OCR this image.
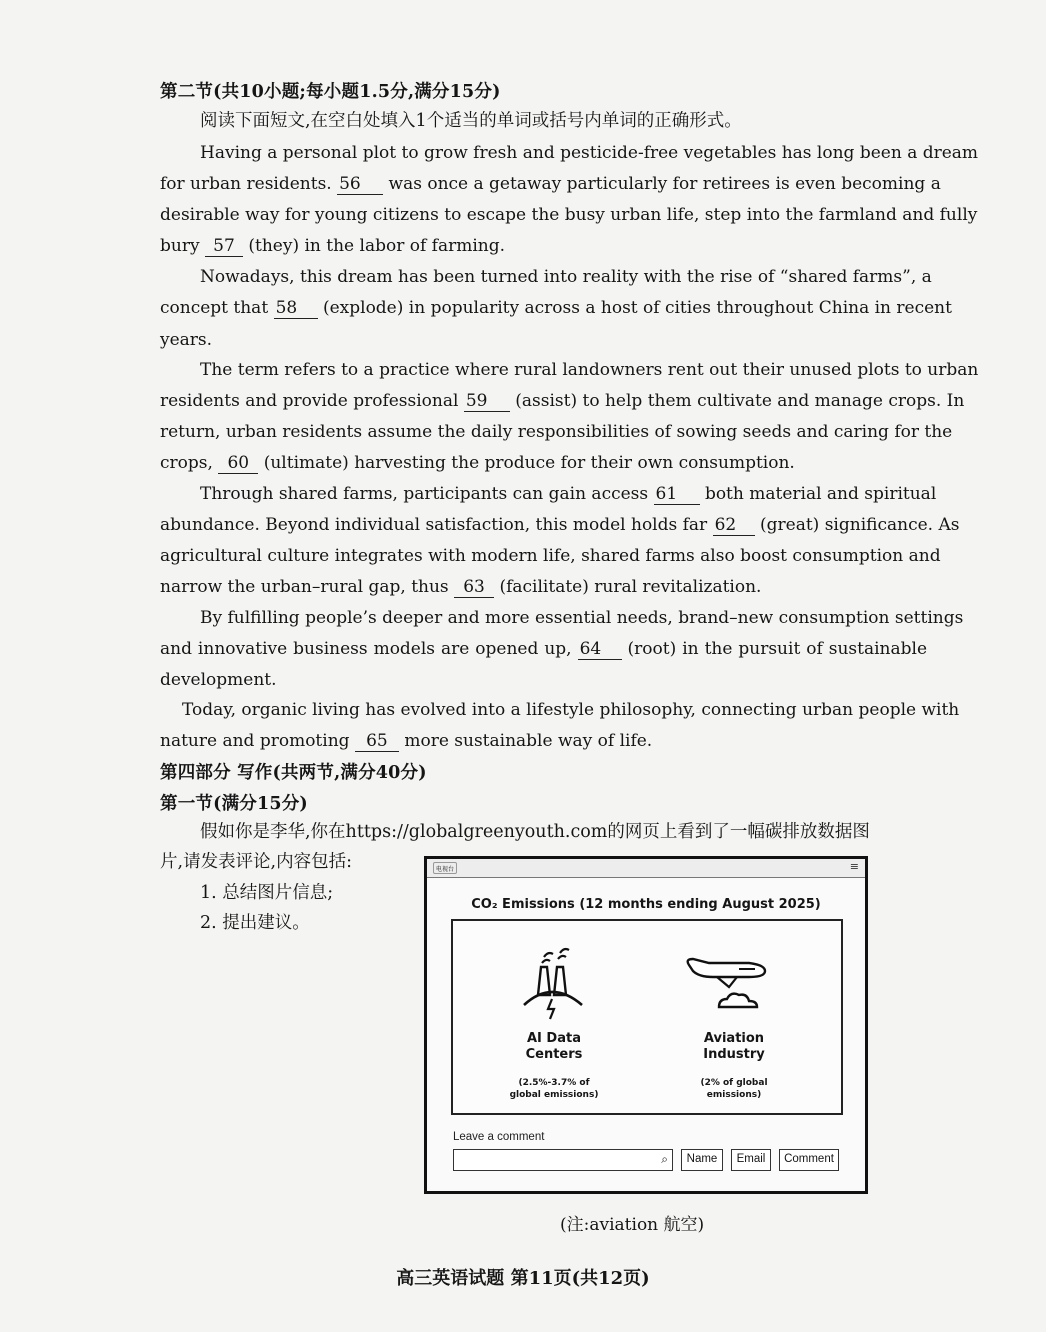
第二节(共10小题;每小题1.5分,满分15分)
阅读下面短文,在空白处填入1个适当的单词或括号内单词的正确形式。
Having a personal plot to grow fresh and pesticide-free vegetables has long been a dream
for urban residents. 56 was once a getaway particularly for retirees is even becoming a
desirable way for young citizens to escape the busy urban life, step into the farmland and fully
bury 57 (they) in the labor of farming.
Nowadays, this dream has been turned into reality with the rise of “shared farms”, a
concept that 58 (explode) in popularity across a host of cities throughout China in recent
years.
The term refers to a practice where rural landowners rent out their unused plots to urban
residents and provide professional 59 (assist) to help them cultivate and manage crops. In
return, urban residents assume the daily responsibilities of sowing seeds and caring for the
crops, 60 (ultimate) harvesting the produce for their own consumption.
Through shared farms, participants can gain access 61 both material and spiritual
abundance. Beyond individual satisfaction, this model holds far 62 (great) significance. As
agricultural culture integrates with modern life, shared farms also boost consumption and
narrow the urban–rural gap, thus 63 (facilitate) rural revitalization.
By fulfilling people’s deeper and more essential needs, brand–new consumption settings
and innovative business models are opened up, 64 (root) in the pursuit of sustainable
development.
Today, organic living has evolved into a lifestyle philosophy, connecting urban people with
nature and promoting 65 more sustainable way of life.
第四部分 写作(共两节,满分40分)
第一节(满分15分)
假如你是李华,你在https://globalgreenyouth.com的网页上看到了一幅碳排放数据图
片,请发表评论,内容包括:
1. 总结图片信息;
2. 提出建议。
电视台	≡
CO₂ Emissions (12 months ending August 2025)
AI Data
Centers
(2.5%-3.7% of
global emissions)
Aviation
Industry
(2% of global
emissions)
Leave a comment
⌕	Name	Email	Comment
(注:aviation 航空)
高三英语试题 第11页(共12页)
